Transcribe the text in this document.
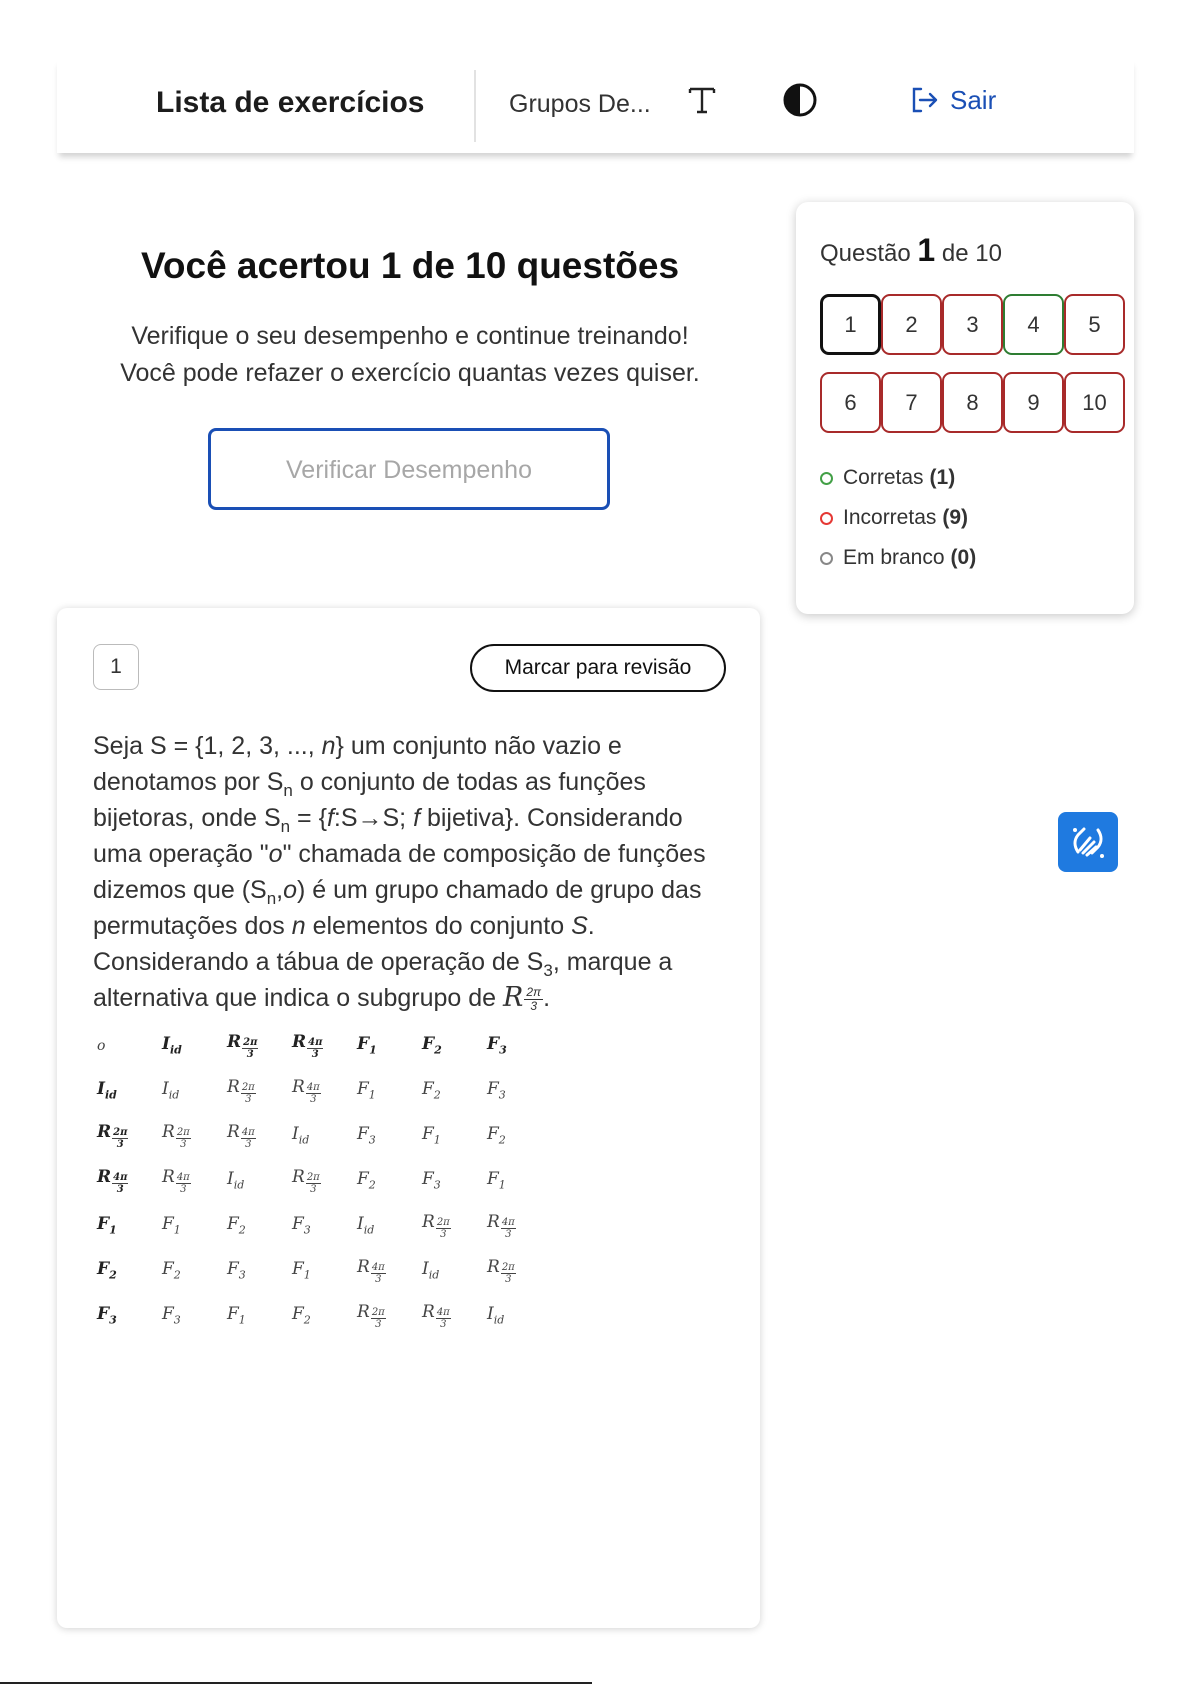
Lista de exercícios	Grupos De...	Sair
Você acertou 1 de 10 questões
Verifique o seu desempenho e continue treinando!
Você pode refazer o exercício quantas vezes quiser.
Verificar Desempenho
Questão 1 de 10
1	2	3	4	5
6	7	8	9	10
Corretas (1)
Incorretas (9)
Em branco (0)
1	Marcar para revisão
Seja S = {1, 2, 3, ..., n} um conjunto não vazio e denotamos por $S_n$ o conjunto de todas as funções bijetoras, onde $S_n$ = {f:S→S; f bijetiva}. Considerando uma operação "o" chamada de composição de funções dizemos que $(S_n,o)$ é um grupo chamado de grupo das permutações dos n elementos do conjunto S. Considerando a tábua de operação de $S_3$, marque a alternativa que indica o subgrupo de R $\frac{2\pi}{3}$ .
o	$I_{id}$	R $\frac{2\pi}{3}$	R $\frac{4\pi}{3}$	$F_1$	$F_2$	$F_3$
$I_{id}$	$I_{id}$	R $\frac{2\pi}{3}$	R $\frac{4\pi}{3}$	$F_1$	$F_2$	$F_3$
R $\frac{2\pi}{3}$	R $\frac{2\pi}{3}$	R $\frac{4\pi}{3}$	$I_{id}$	$F_3$	$F_1$	$F_2$
R $\frac{4\pi}{3}$	R $\frac{4\pi}{3}$	$I_{id}$	R $\frac{2\pi}{3}$	$F_2$	$F_3$	$F_1$
$F_1$	$F_1$	$F_2$	$F_3$	$I_{id}$	R $\frac{2\pi}{3}$	R $\frac{4\pi}{3}$

$F_2$	$F_2$	$F_3$	$F_1$	R $\frac{4\pi}{3}$	$I_{id}$	R $\frac{2\pi}{3}$

$F_3$	$F_3$	$F_1$	$F_2$	R $\frac{2\pi}{3}$	R $\frac{4\pi}{3}$	$I_{id}$
